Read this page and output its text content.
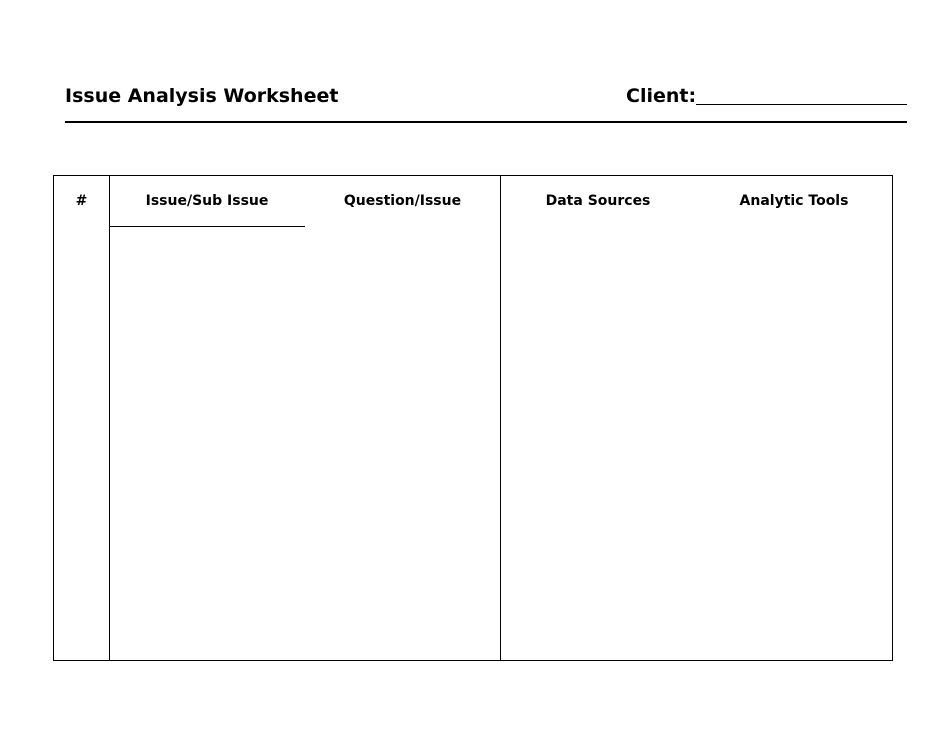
Issue Analysis Worksheet	Client:
#	Issue/Sub Issue	Question/Issue	Data Sources	Analytic Tools
